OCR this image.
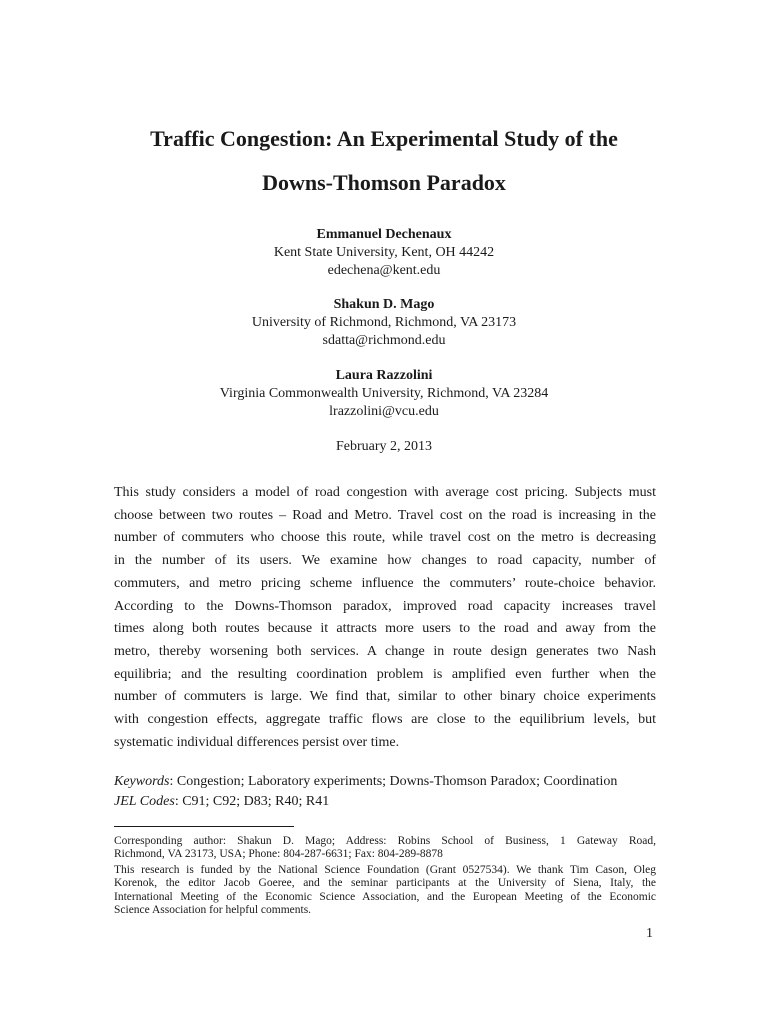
Traffic Congestion: An Experimental Study of the
Downs-Thomson Paradox
Emmanuel Dechenaux
Kent State University, Kent, OH 44242
edechena@kent.edu
Shakun D. Mago
University of Richmond, Richmond, VA 23173
sdatta@richmond.edu
Laura Razzolini
Virginia Commonwealth University, Richmond, VA 23284
lrazzolini@vcu.edu
February 2, 2013
This study considers a model of road congestion with average cost pricing. Subjects must
choose between two routes – Road and Metro. Travel cost on the road is increasing in the
number of commuters who choose this route, while travel cost on the metro is decreasing
in the number of its users. We examine how changes to road capacity, number of
commuters, and metro pricing scheme influence the commuters’ route-choice behavior.
According to the Downs-Thomson paradox, improved road capacity increases travel
times along both routes because it attracts more users to the road and away from the
metro, thereby worsening both services. A change in route design generates two Nash
equilibria; and the resulting coordination problem is amplified even further when the
number of commuters is large. We find that, similar to other binary choice experiments
with congestion effects, aggregate traffic flows are close to the equilibrium levels, but
systematic individual differences persist over time.
Keywords: Congestion; Laboratory experiments; Downs-Thomson Paradox; Coordination
JEL Codes: C91; C92; D83; R40; R41
Corresponding author: Shakun D. Mago; Address: Robins School of Business, 1 Gateway Road,
Richmond, VA 23173, USA; Phone: 804-287-6631; Fax: 804-289-8878
This research is funded by the National Science Foundation (Grant 0527534). We thank Tim Cason, Oleg
Korenok, the editor Jacob Goeree, and the seminar participants at the University of Siena, Italy, the
International Meeting of the Economic Science Association, and the European Meeting of the Economic
Science Association for helpful comments.
1
